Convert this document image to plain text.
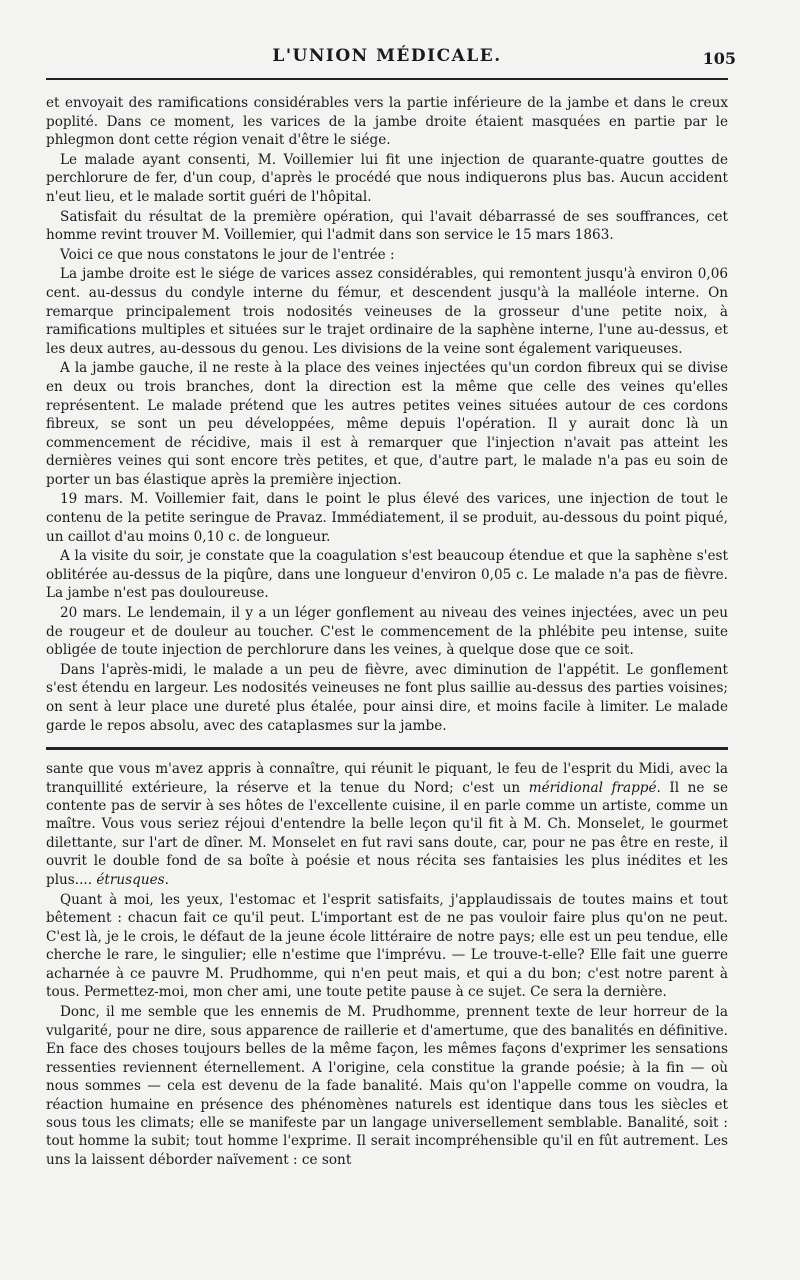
L'UNION MÉDICALE.	105

et envoyait des ramifications considérables vers la partie inférieure de la jambe et dans le creux poplité. Dans ce moment, les varices de la jambe droite étaient masquées en partie par le phlegmon dont cette région venait d'être le siége.

Le malade ayant consenti, M. Voillemier lui fit une injection de quarante-quatre gouttes de perchlorure de fer, d'un coup, d'après le procédé que nous indiquerons plus bas. Aucun accident n'eut lieu, et le malade sortit guéri de l'hôpital.

Satisfait du résultat de la première opération, qui l'avait débarrassé de ses souffrances, cet homme revint trouver M. Voillemier, qui l'admit dans son service le 15 mars 1863.

Voici ce que nous constatons le jour de l'entrée :

La jambe droite est le siége de varices assez considérables, qui remontent jusqu'à environ 0,06 cent. au-dessus du condyle interne du fémur, et descendent jusqu'à la malléole interne. On remarque principalement trois nodosités veineuses de la grosseur d'une petite noix, à ramifications multiples et situées sur le trajet ordinaire de la saphène interne, l'une au-dessus, et les deux autres, au-dessous du genou. Les divisions de la veine sont également variqueuses.

A la jambe gauche, il ne reste à la place des veines injectées qu'un cordon fibreux qui se divise en deux ou trois branches, dont la direction est la même que celle des veines qu'elles représentent. Le malade prétend que les autres petites veines situées autour de ces cordons fibreux, se sont un peu développées, même depuis l'opération. Il y aurait donc là un commencement de récidive, mais il est à remarquer que l'injection n'avait pas atteint les dernières veines qui sont encore très petites, et que, d'autre part, le malade n'a pas eu soin de porter un bas élastique après la première injection.

19 mars. M. Voillemier fait, dans le point le plus élevé des varices, une injection de tout le contenu de la petite seringue de Pravaz. Immédiatement, il se produit, au-dessous du point piqué, un caillot d'au moins 0,10 c. de longueur.

A la visite du soir, je constate que la coagulation s'est beaucoup étendue et que la saphène s'est oblitérée au-dessus de la piqûre, dans une longueur d'environ 0,05 c. Le malade n'a pas de fièvre. La jambe n'est pas douloureuse.

20 mars. Le lendemain, il y a un léger gonflement au niveau des veines injectées, avec un peu de rougeur et de douleur au toucher. C'est le commencement de la phlébite peu intense, suite obligée de toute injection de perchlorure dans les veines, à quelque dose que ce soit.

Dans l'après-midi, le malade a un peu de fièvre, avec diminution de l'appétit. Le gonflement s'est étendu en largeur. Les nodosités veineuses ne font plus saillie au-dessus des parties voisines; on sent à leur place une dureté plus étalée, pour ainsi dire, et moins facile à limiter. Le malade garde le repos absolu, avec des cataplasmes sur la jambe.

sante que vous m'avez appris à connaître, qui réunit le piquant, le feu de l'esprit du Midi, avec la tranquillité extérieure, la réserve et la tenue du Nord; c'est un méridional frappé. Il ne se contente pas de servir à ses hôtes de l'excellente cuisine, il en parle comme un artiste, comme un maître. Vous vous seriez réjoui d'entendre la belle leçon qu'il fit à M. Ch. Monselet, le gourmet dilettante, sur l'art de dîner. M. Monselet en fut ravi sans doute, car, pour ne pas être en reste, il ouvrit le double fond de sa boîte à poésie et nous récita ses fantaisies les plus inédites et les plus.... étrusques.

Quant à moi, les yeux, l'estomac et l'esprit satisfaits, j'applaudissais de toutes mains et tout bêtement : chacun fait ce qu'il peut. L'important est de ne pas vouloir faire plus qu'on ne peut. C'est là, je le crois, le défaut de la jeune école littéraire de notre pays; elle est un peu tendue, elle cherche le rare, le singulier; elle n'estime que l'imprévu. — Le trouve-t-elle? Elle fait une guerre acharnée à ce pauvre M. Prudhomme, qui n'en peut mais, et qui a du bon; c'est notre parent à tous. Permettez-moi, mon cher ami, une toute petite pause à ce sujet. Ce sera la dernière.

Donc, il me semble que les ennemis de M. Prudhomme, prennent texte de leur horreur de la vulgarité, pour ne dire, sous apparence de raillerie et d'amertume, que des banalités en définitive. En face des choses toujours belles de la même façon, les mêmes façons d'exprimer les sensations ressenties reviennent éternellement. A l'origine, cela constitue la grande poésie; à la fin — où nous sommes — cela est devenu de la fade banalité. Mais qu'on l'appelle comme on voudra, la réaction humaine en présence des phénomènes naturels est identique dans tous les siècles et sous tous les climats; elle se manifeste par un langage universellement semblable. Banalité, soit : tout homme la subit; tout homme l'exprime. Il serait incompréhensible qu'il en fût autrement. Les uns la laissent déborder naïvement : ce sont
